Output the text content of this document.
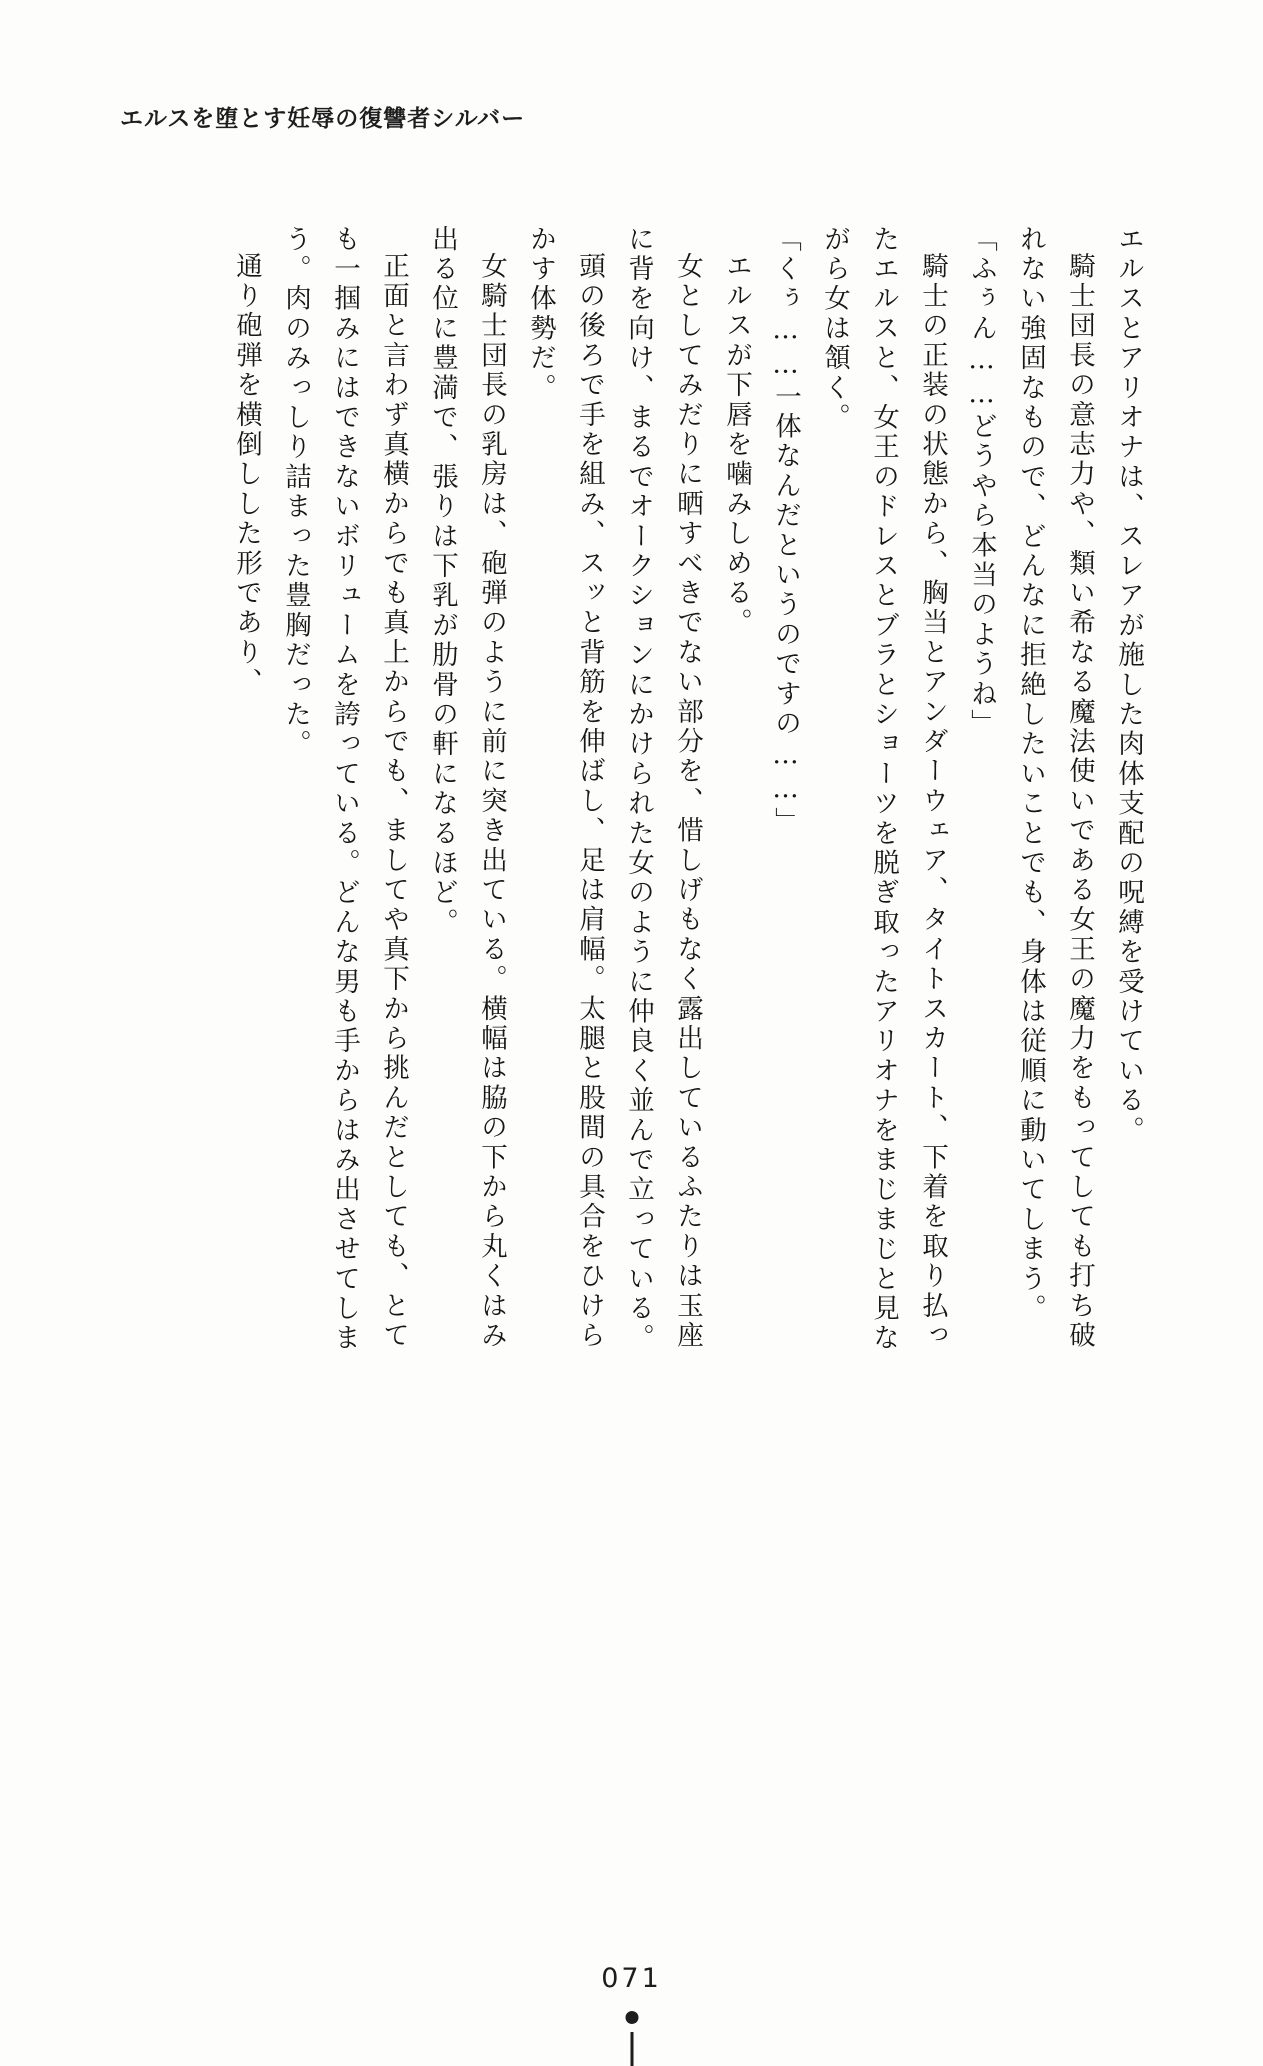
エルスを堕とす妊辱の復讐者シルバー

エルスとアリオナは、スレアが施した肉体支配の呪縛を受けている。

騎士団長の意志力や、類い希なる魔法使いである女王の魔力をもってしても打ち破れない強固なもので、どんなに拒絶したいことでも、身体は従順に動いてしまう。

「ふぅん……どうやら本当のようね」

騎士の正装の状態から、胸当とアンダーウェア、タイトスカート、下着を取り払ったエルスと、女王のドレスとブラとショーツを脱ぎ取ったアリオナをまじまじと見ながら女は頷く。

「くぅ……一体なんだというのですの……」

エルスが下唇を噛みしめる。

女としてみだりに晒すべきでない部分を、惜しげもなく露出しているふたりは玉座に背を向け、まるでオークションにかけられた女のように仲良く並んで立っている。

頭の後ろで手を組み、スッと背筋を伸ばし、足は肩幅。太腿と股間の具合をひけらかす体勢だ。

女騎士団長の乳房は、砲弾のように前に突き出ている。横幅は脇の下から丸くはみ出る位に豊満で、張りは下乳が肋骨の軒になるほど。

正面と言わず真横からでも真上からでも、ましてや真下から挑んだとしても、とても一掴みにはできないボリュームを誇っている。どんな男も手からはみ出させてしまう。肉のみっしり詰まった豊胸だった。

通り砲弾を横倒しした形であり、

071
